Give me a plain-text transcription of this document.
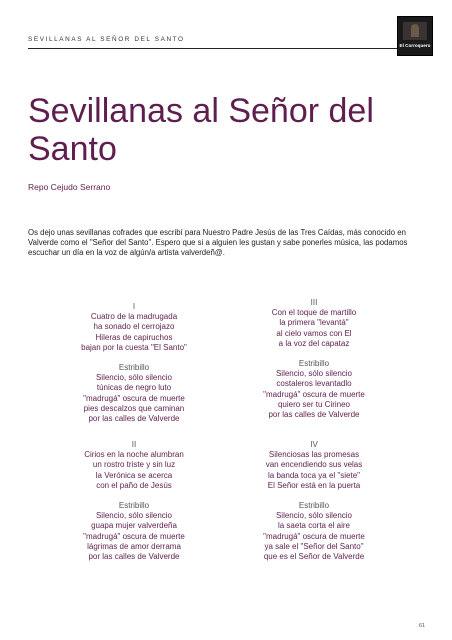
SEVILLANAS AL SEÑOR DEL SANTO
El Corroquero
Sevillanas al Señor del Santo
Repo Cejudo Serrano

Os dejo unas sevillanas cofrades que escribí para Nuestro Padre Jesús de las Tres Caídas, más conocido en Valverde como el "Señor del Santo". Espero que si a alguien les gustan y sabe ponerles música, las podamos escuchar un día en la voz de algún/a artista valverdeñ@.

I
Cuatro de la madrugada
ha sonado el cerrojazo
Hileras de capiruchos
bajan por la cuesta "El Santo"
Estribillo
Silencio, sólo silencio
túnicas de negro luto
"madrugá" oscura de muerte
pies descalzos que caminan
por las calles de Valverde
III
Con el toque de martillo
la primera "levantá"
al cielo vamos con El
a la voz del capataz
Estribillo
Silencio, sólo silencio
costaleros levantadlo
"madrugá" oscura de muerte
quiero ser tu Cirineo
por las calles de Valverde
II
Cirios en la noche alumbran
un rostro triste y sin luz
la Verónica se acerca
con el paño de Jesús
Estribillo
Silencio, sólo silencio
guapa mujer valverdeña
"madrugá" oscura de muerte
lágrimas de amor derrama
por las calles de Valverde
IV
Silenciosas las promesas
van encendiendo sus velas
la banda toca ya el "siete"
El Señor está en la puerta
Estribillo
Silencio, sólo silencio
la saeta corta el aire
"madrugá" oscura de muerte
ya sale el "Señor del Santo"
que es el Señor de Valverde
61
